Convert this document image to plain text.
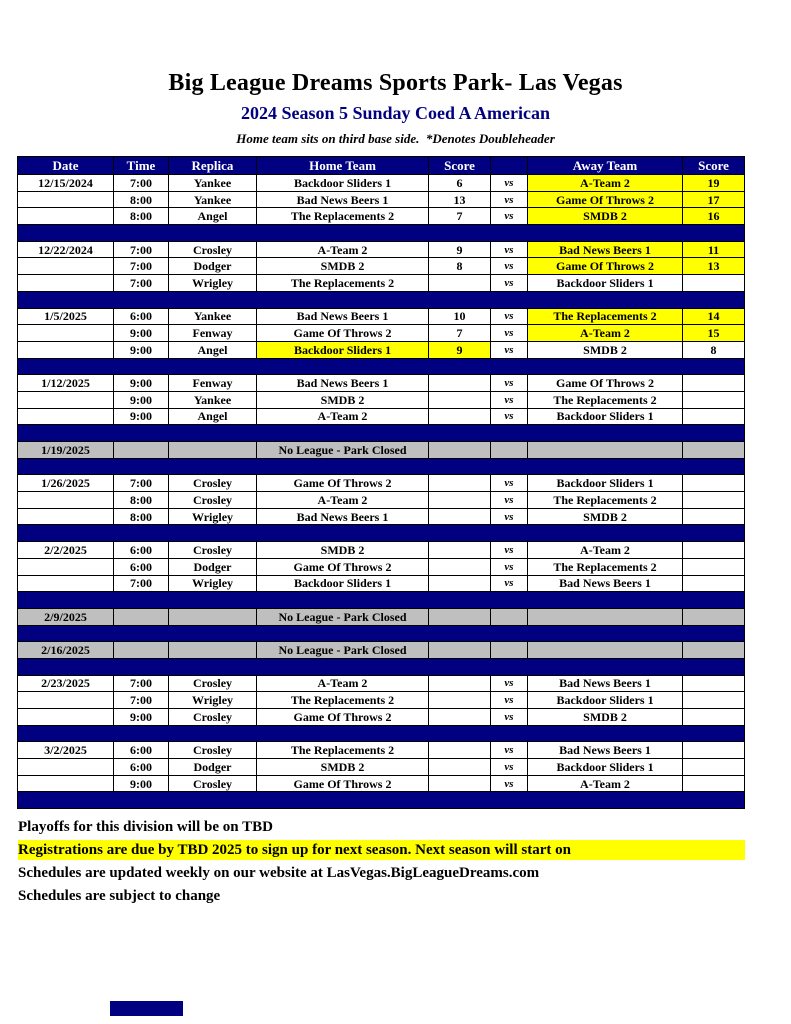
Big League Dreams Sports Park- Las Vegas
2024 Season 5 Sunday Coed A American
Home team sits on third base side.  *Denotes Doubleheader
Date	Time	Replica	Home Team	Score		Away Team	Score
12/15/2024	7:00	Yankee	Backdoor Sliders 1	6	vs	A-Team 2	19
	8:00	Yankee	Bad News Beers 1	13	vs	Game Of Throws 2	17
	8:00	Angel	The Replacements 2	7	vs	SMDB 2	16

12/22/2024	7:00	Crosley	A-Team 2	9	vs	Bad News Beers 1	11
	7:00	Dodger	SMDB 2	8	vs	Game Of Throws 2	13
	7:00	Wrigley	The Replacements 2		vs	Backdoor Sliders 1	

1/5/2025	6:00	Yankee	Bad News Beers 1	10	vs	The Replacements 2	14
	9:00	Fenway	Game Of Throws 2	7	vs	A-Team 2	15
	9:00	Angel	Backdoor Sliders 1	9	vs	SMDB 2	8

1/12/2025	9:00	Fenway	Bad News Beers 1		vs	Game Of Throws 2	
	9:00	Yankee	SMDB 2		vs	The Replacements 2	
	9:00	Angel	A-Team 2		vs	Backdoor Sliders 1	

1/19/2025			No League - Park Closed				

1/26/2025	7:00	Crosley	Game Of Throws 2		vs	Backdoor Sliders 1	
	8:00	Crosley	A-Team 2		vs	The Replacements 2	
	8:00	Wrigley	Bad News Beers 1		vs	SMDB 2	

2/2/2025	6:00	Crosley	SMDB 2		vs	A-Team 2	
	6:00	Dodger	Game Of Throws 2		vs	The Replacements 2	
	7:00	Wrigley	Backdoor Sliders 1		vs	Bad News Beers 1	

2/9/2025			No League - Park Closed				

2/16/2025			No League - Park Closed				

2/23/2025	7:00	Crosley	A-Team 2		vs	Bad News Beers 1	
	7:00	Wrigley	The Replacements 2		vs	Backdoor Sliders 1	
	9:00	Crosley	Game Of Throws 2		vs	SMDB 2	

3/2/2025	6:00	Crosley	The Replacements 2		vs	Bad News Beers 1	
	6:00	Dodger	SMDB 2		vs	Backdoor Sliders 1	
	9:00	Crosley	Game Of Throws 2		vs	A-Team 2	

Playoffs for this division will be on TBD
Registrations are due by TBD 2025 to sign up for next season. Next season will start on
Schedules are updated weekly on our website at LasVegas.BigLeagueDreams.com
Schedules are subject to change
